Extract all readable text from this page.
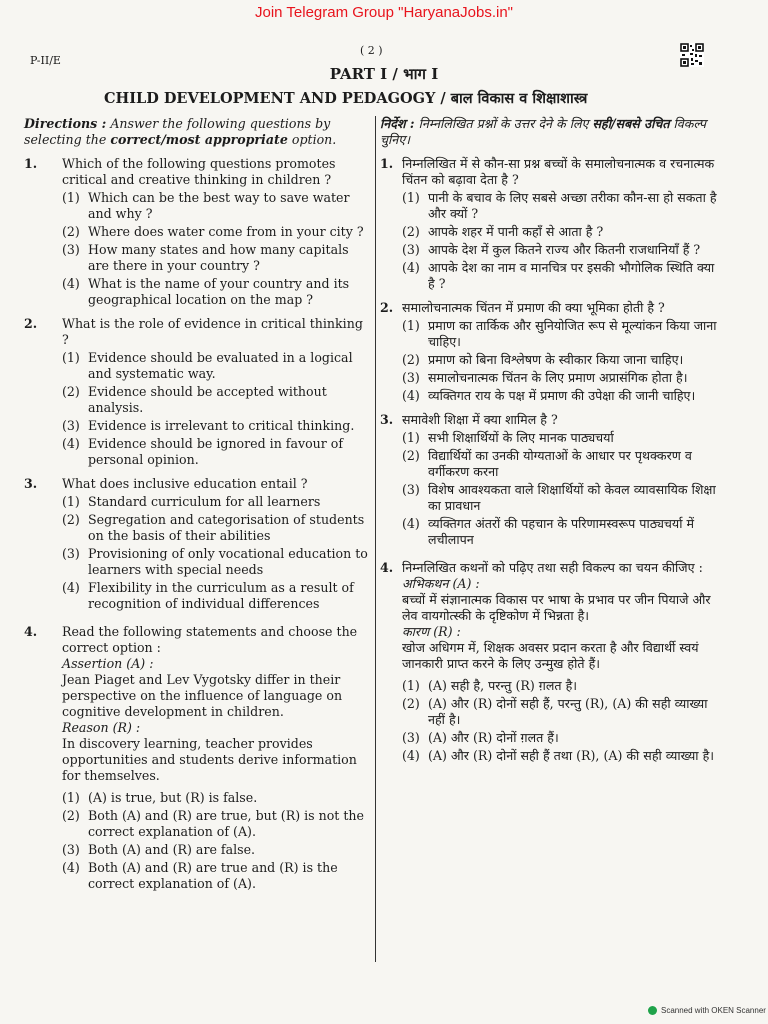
Join Telegram Group "HaryanaJobs.in"
P-II/E
( 2 )
PART I / भाग I
CHILD DEVELOPMENT AND PEDAGOGY / बाल विकास व शिक्षाशास्त्र
Directions : Answer the following questions by selecting the correct/most appropriate option.
1. Which of the following questions promotes critical and creative thinking in children ?
(1) Which can be the best way to save water and why ?
(2) Where does water come from in your city ?
(3) How many states and how many capitals are there in your country ?
(4) What is the name of your country and its geographical location on the map ?
2. What is the role of evidence in critical thinking ?
(1) Evidence should be evaluated in a logical and systematic way.
(2) Evidence should be accepted without analysis.
(3) Evidence is irrelevant to critical thinking.
(4) Evidence should be ignored in favour of personal opinion.
3. What does inclusive education entail ?
(1) Standard curriculum for all learners
(2) Segregation and categorisation of students on the basis of their abilities
(3) Provisioning of only vocational education to learners with special needs
(4) Flexibility in the curriculum as a result of recognition of individual differences
4. Read the following statements and choose the correct option :
Assertion (A) :
Jean Piaget and Lev Vygotsky differ in their perspective on the influence of language on cognitive development in children.
Reason (R) :
In discovery learning, teacher provides opportunities and students derive information for themselves.
(1) (A) is true, but (R) is false.
(2) Both (A) and (R) are true, but (R) is not the correct explanation of (A).
(3) Both (A) and (R) are false.
(4) Both (A) and (R) are true and (R) is the correct explanation of (A).
निर्देश : निम्नलिखित प्रश्नों के उत्तर देने के लिए सही/सबसे उचित विकल्प चुनिए।
1. निम्नलिखित में से कौन-सा प्रश्न बच्चों के समालोचनात्मक व रचनात्मक चिंतन को बढ़ावा देता है ?
(1) पानी के बचाव के लिए सबसे अच्छा तरीका कौन-सा हो सकता है और क्यों ?
(2) आपके शहर में पानी कहाँ से आता है ?
(3) आपके देश में कुल कितने राज्य और कितनी राजधानियाँ हैं ?
(4) आपके देश का नाम व मानचित्र पर इसकी भौगोलिक स्थिति क्या है ?
2. समालोचनात्मक चिंतन में प्रमाण की क्या भूमिका होती है ?
(1) प्रमाण का तार्किक और सुनियोजित रूप से मूल्यांकन किया जाना चाहिए।
(2) प्रमाण को बिना विश्लेषण के स्वीकार किया जाना चाहिए।
(3) समालोचनात्मक चिंतन के लिए प्रमाण अप्रासंगिक होता है।
(4) व्यक्तिगत राय के पक्ष में प्रमाण की उपेक्षा की जानी चाहिए।
3. समावेशी शिक्षा में क्या शामिल है ?
(1) सभी शिक्षार्थियों के लिए मानक पाठ्यचर्या
(2) विद्यार्थियों का उनकी योग्यताओं के आधार पर पृथक्करण व वर्गीकरण करना
(3) विशेष आवश्यकता वाले शिक्षार्थियों को केवल व्यावसायिक शिक्षा का प्रावधान
(4) व्यक्तिगत अंतरों की पहचान के परिणामस्वरूप पाठ्यचर्या में लचीलापन
4. निम्नलिखित कथनों को पढ़िए तथा सही विकल्प का चयन कीजिए :
अभिकथन (A) :
बच्चों में संज्ञानात्मक विकास पर भाषा के प्रभाव पर जीन पियाजे और लेव वायगोत्स्की के दृष्टिकोण में भिन्नता है।
कारण (R) :
खोज अधिगम में, शिक्षक अवसर प्रदान करता है और विद्यार्थी स्वयं जानकारी प्राप्त करने के लिए उन्मुख होते हैं।
(1) (A) सही है, परन्तु (R) ग़लत है।
(2) (A) और (R) दोनों सही हैं, परन्तु (R), (A) की सही व्याख्या नहीं है।
(3) (A) और (R) दोनों ग़लत हैं।
(4) (A) और (R) दोनों सही हैं तथा (R), (A) की सही व्याख्या है।
Scanned with OKEN Scanner
